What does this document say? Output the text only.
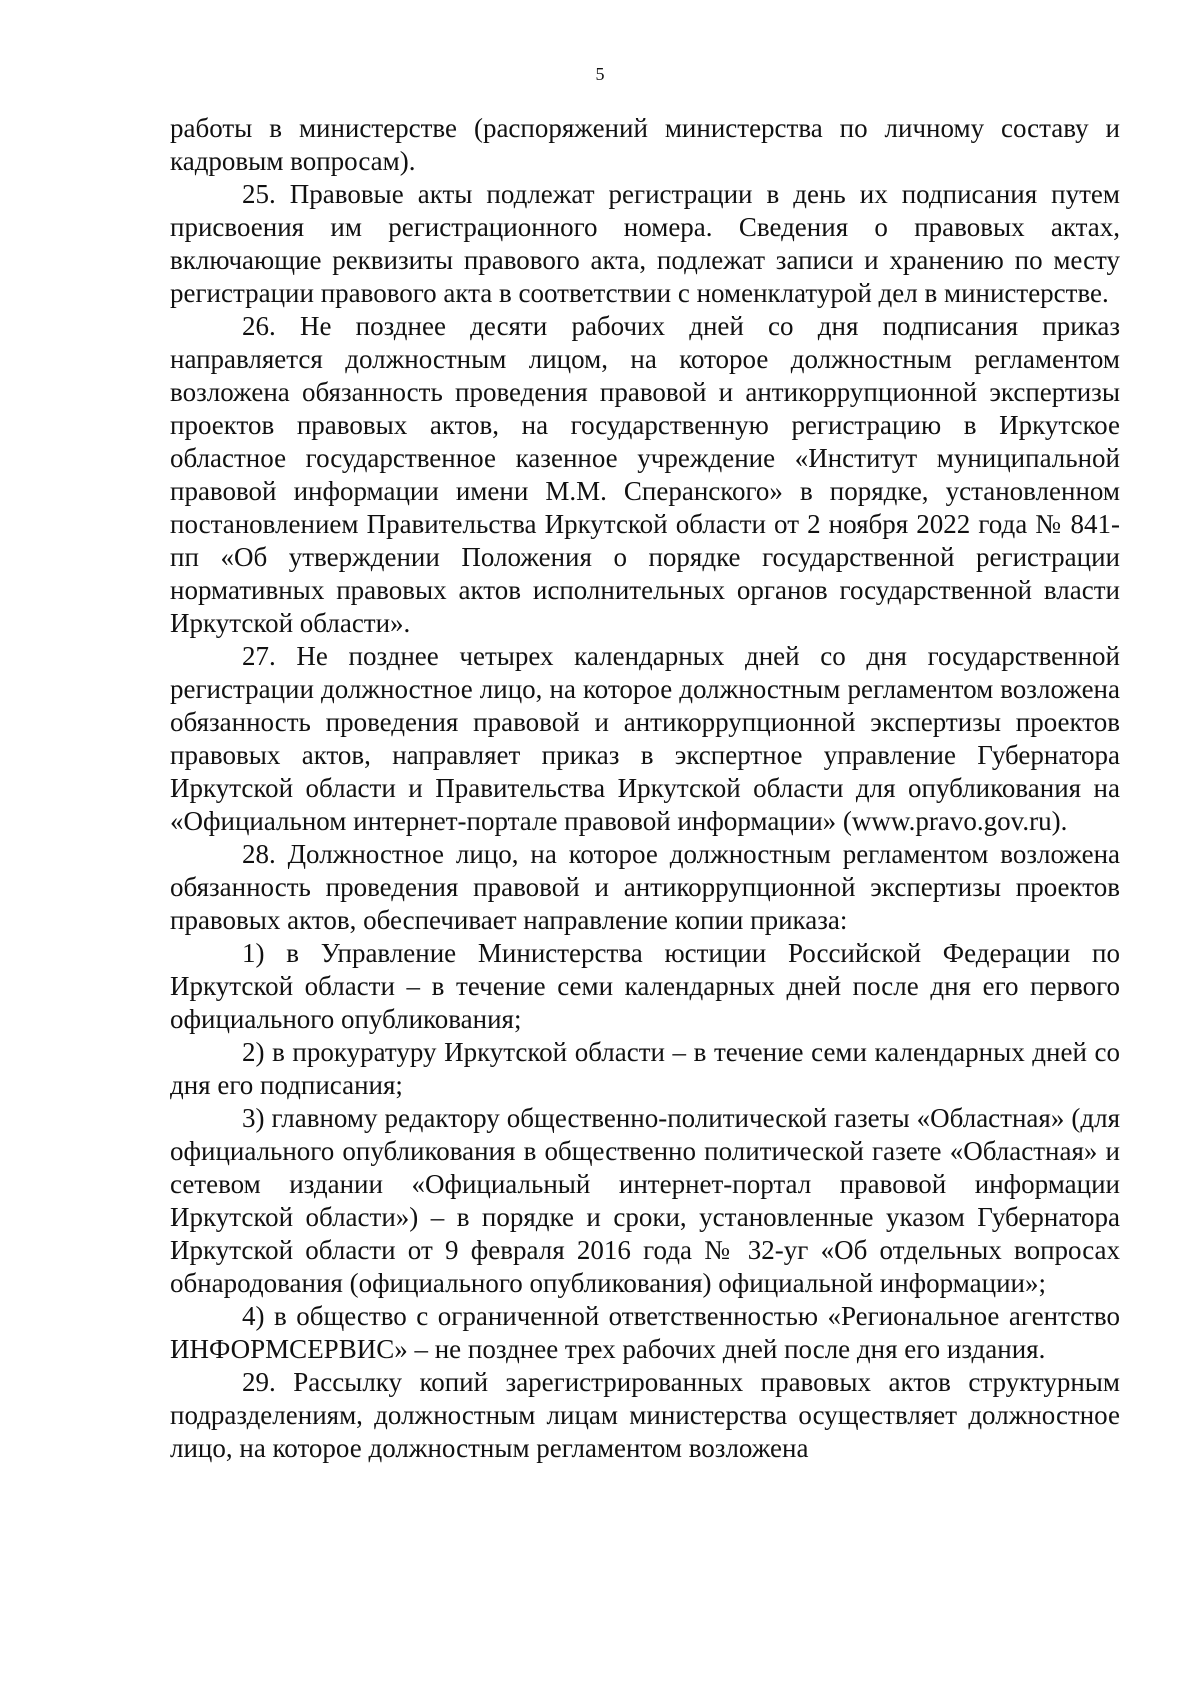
5

работы в министерстве (распоряжений министерства по личному составу и кадровым вопросам).

25. Правовые акты подлежат регистрации в день их подписания путем присвоения им регистрационного номера. Сведения о правовых актах, включающие реквизиты правового акта, подлежат записи и хранению по месту регистрации правового акта в соответствии с номенклатурой дел в министерстве.

26. Не позднее десяти рабочих дней со дня подписания приказ направляется должностным лицом, на которое должностным регламентом возложена обязанность проведения правовой и антикоррупционной экспертизы проектов правовых актов, на государственную регистрацию в Иркутское областное государственное казенное учреждение «Институт муниципальной правовой информации имени М.М. Сперанского» в порядке, установленном постановлением Правительства Иркутской области от 2 ноября 2022 года № 841-пп «Об утверждении Положения о порядке государственной регистрации нормативных правовых актов исполнительных органов государственной власти Иркутской области».

27. Не позднее четырех календарных дней со дня государственной регистрации должностное лицо, на которое должностным регламентом возложена обязанность проведения правовой и антикоррупционной экспертизы проектов правовых актов, направляет приказ в экспертное управление Губернатора Иркутской области и Правительства Иркутской области для опубликования на «Официальном интернет-портале правовой информации» (www.pravo.gov.ru).

28. Должностное лицо, на которое должностным регламентом возложена обязанность проведения правовой и антикоррупционной экспертизы проектов правовых актов, обеспечивает направление копии приказа:

1) в Управление Министерства юстиции Российской Федерации по Иркутской области – в течение семи календарных дней после дня его первого официального опубликования;

2) в прокуратуру Иркутской области – в течение семи календарных дней со дня его подписания;

3) главному редактору общественно-политической газеты «Областная» (для официального опубликования в общественно политической газете «Областная» и сетевом издании «Официальный интернет-портал правовой информации Иркутской области») – в порядке и сроки, установленные указом Губернатора Иркутской области от 9 февраля 2016 года № 32-уг «Об отдельных вопросах обнародования (официального опубликования) официальной информации»;

4) в общество с ограниченной ответственностью «Региональное агентство ИНФОРМСЕРВИС» – не позднее трех рабочих дней после дня его издания.

29. Рассылку копий зарегистрированных правовых актов структурным подразделениям, должностным лицам министерства осуществляет должностное лицо, на которое должностным регламентом возложена
